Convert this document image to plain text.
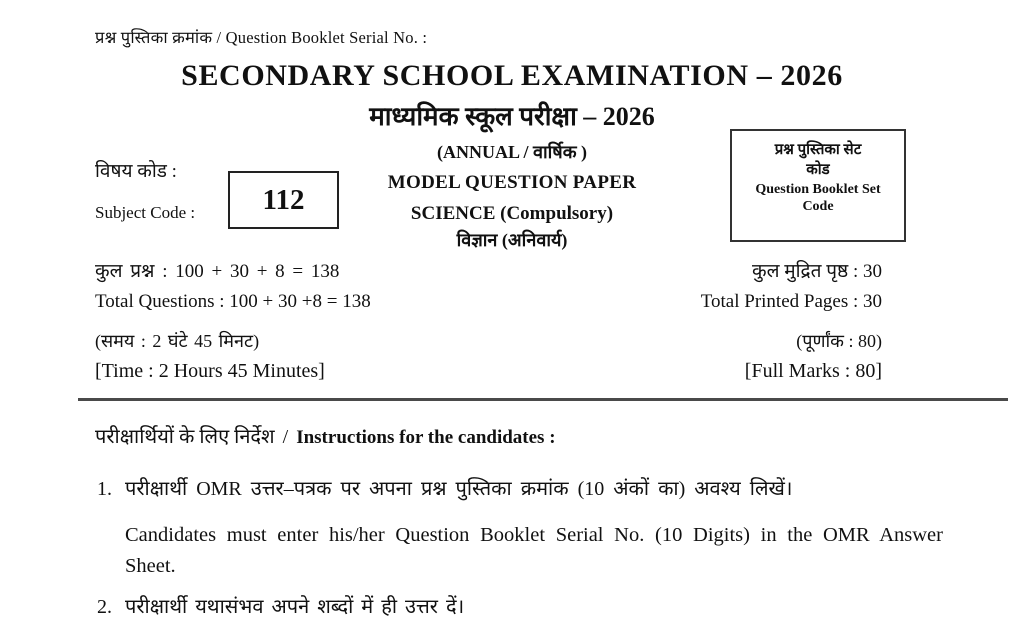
प्रश्न पुस्तिका क्रमांक / Question Booklet Serial No. :
SECONDARY SCHOOL EXAMINATION – 2026
माध्यमिक स्कूल परीक्षा – 2026
(ANNUAL / वार्षिक )
MODEL QUESTION PAPER
SCIENCE (Compulsory)
विज्ञान (अनिवार्य)
विषय कोड :
Subject Code : 112
प्रश्न पुस्तिका सेट
कोड
Question Booklet Set
Code
कुल प्रश्न : 100 + 30 + 8 = 138
Total Questions : 100 + 30 +8 = 138
कुल मुद्रित पृष्ठ : 30
Total Printed Pages : 30
(समय : 2 घंटे 45 मिनट)
[Time : 2 Hours 45 Minutes]
(पूर्णांक : 80)
[Full Marks : 80]
परीक्षार्थियों के लिए निर्देश / Instructions for the candidates :
1. परीक्षार्थी OMR उत्तर–पत्रक पर अपना प्रश्न पुस्तिका क्रमांक (10 अंकों का) अवश्य लिखें।
Candidates must enter his/her Question Booklet Serial No. (10 Digits) in the OMR Answer Sheet.
2. परीक्षार्थी यथासंभव अपने शब्दों में ही उत्तर दें।
